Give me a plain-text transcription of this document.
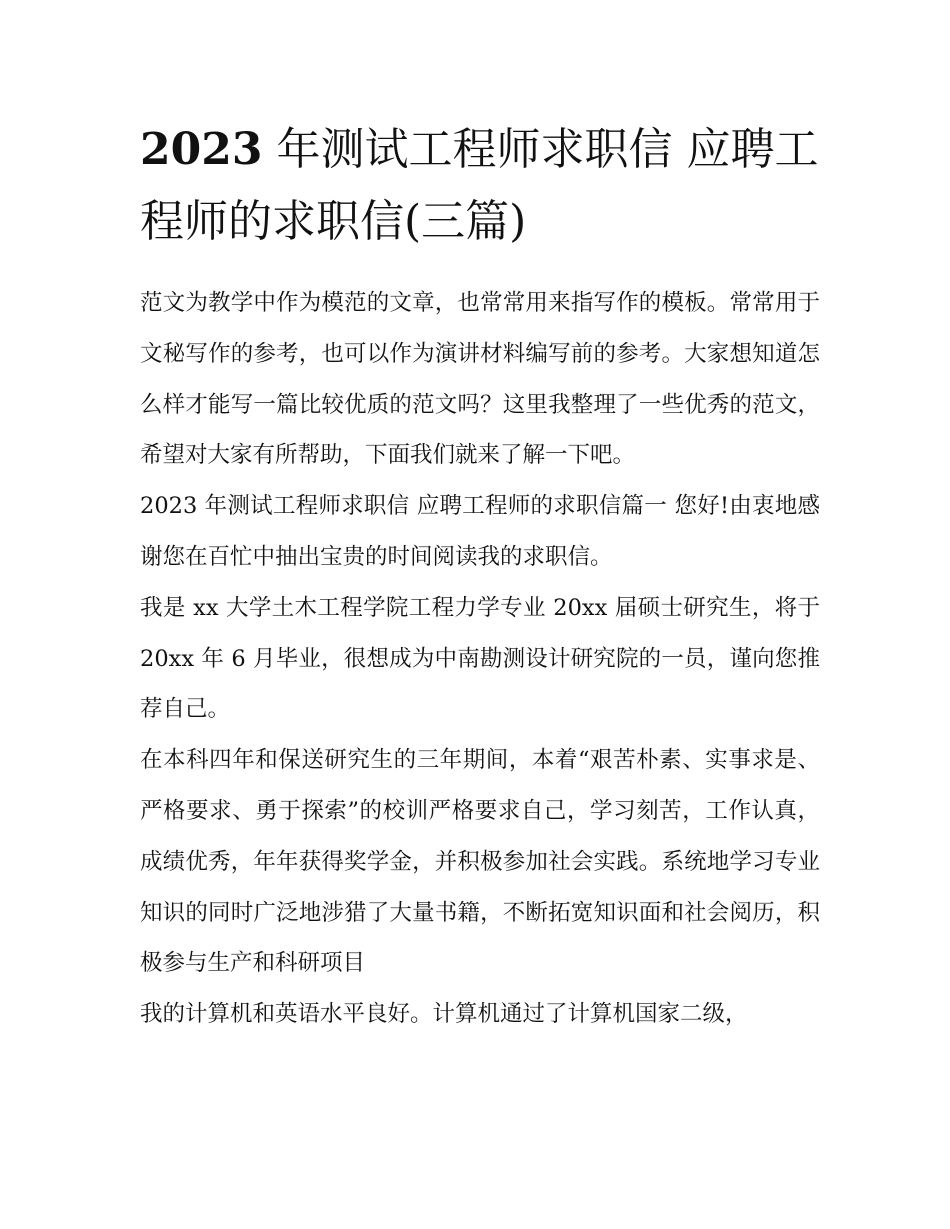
2023 年测试工程师求职信 应聘工程师的求职信(三篇)

范文为教学中作为模范的文章，也常常用来指写作的模板。常常用于文秘写作的参考，也可以作为演讲材料编写前的参考。大家想知道怎么样才能写一篇比较优质的范文吗？这里我整理了一些优秀的范文，希望对大家有所帮助，下面我们就来了解一下吧。

2023 年测试工程师求职信 应聘工程师的求职信篇一 您好!由衷地感谢您在百忙中抽出宝贵的时间阅读我的求职信。

我是 xx 大学土木工程学院工程力学专业 20xx 届硕士研究生，将于 20xx 年 6 月毕业，很想成为中南勘测设计研究院的一员，谨向您推荐自己。

在本科四年和保送研究生的三年期间，本着“艰苦朴素、实事求是、严格要求、勇于探索”的校训严格要求自己，学习刻苦，工作认真，成绩优秀，年年获得奖学金，并积极参加社会实践。系统地学习专业知识的同时广泛地涉猎了大量书籍，不断拓宽知识面和社会阅历，积极参与生产和科研项目

我的计算机和英语水平良好。计算机通过了计算机国家二级，
